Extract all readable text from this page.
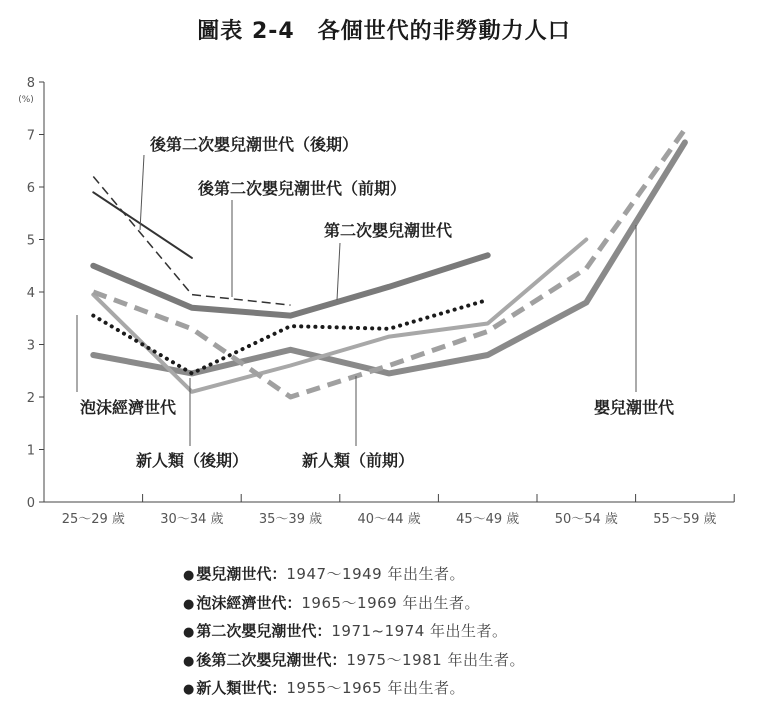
圖表 2-4　各個世代的非勞動力人口
0
1
2
3
4
5
6
7
8
(%)
25～29 歲	30～34 歲	35～39 歲	40～44 歲	45～49 歲	50～54 歲	55～59 歲
後第二次嬰兒潮世代（後期）
後第二次嬰兒潮世代（前期）
第二次嬰兒潮世代
泡沫經濟世代
新人類（後期）	新人類（前期）
嬰兒潮世代
● 嬰兒潮世代：1947～1949 年出生者。
● 泡沫經濟世代：1965～1969 年出生者。
● 第二次嬰兒潮世代：1971~1974 年出生者。
● 後第二次嬰兒潮世代：1975～1981 年出生者。
● 新人類世代：1955～1965 年出生者。
